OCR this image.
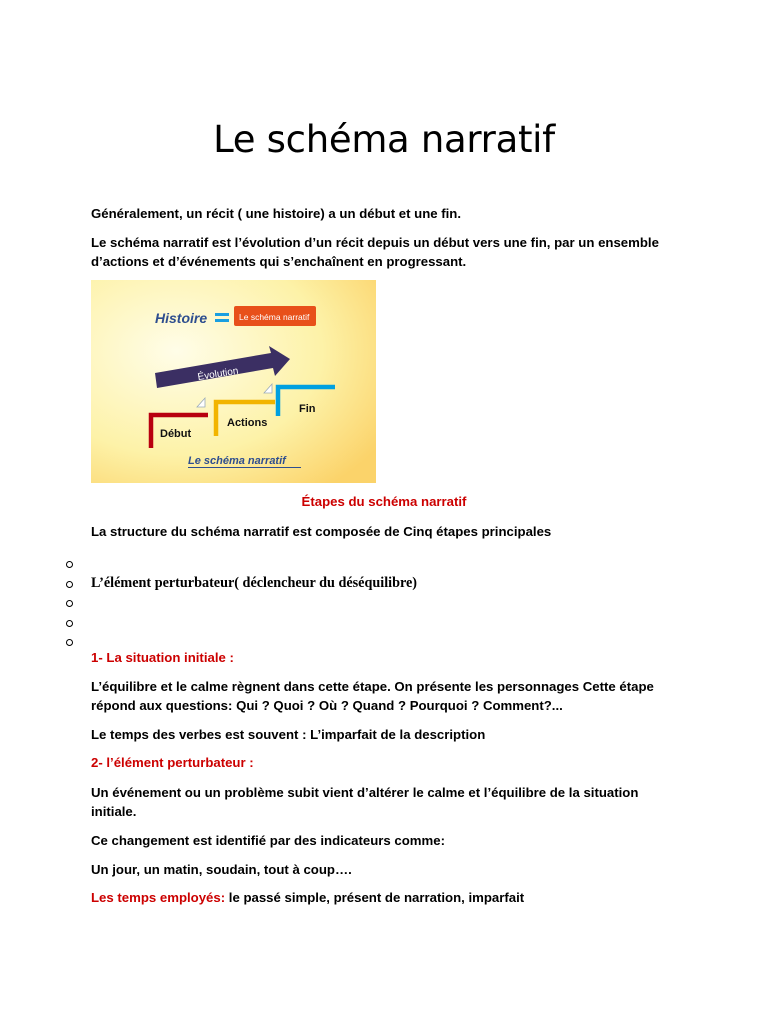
Le schéma narratif

Généralement, un récit ( une histoire) a un début et une fin.

Le schéma narratif est l’évolution d’un récit depuis un début vers une fin, par un ensemble

d’actions et d’événements qui s’enchaînent en progressant.

Histoire	Le schéma narratif
Évolution
Début
Actions
Fin
Le schéma narratif

Étapes du schéma narratif

La structure du schéma narratif est composée de Cinq étapes principales

L’élément perturbateur( déclencheur du déséquilibre)

1- La situation initiale :

L’équilibre et le calme règnent dans cette étape. On présente les personnages Cette étape

répond aux questions: Qui ? Quoi ? Où ? Quand ? Pourquoi ? Comment?...

Le temps des verbes est souvent : L’imparfait de la description

2- l’élément perturbateur :

Un événement ou un problème subit vient d’altérer le calme et l’équilibre de la situation

initiale.

Ce changement est identifié par des indicateurs comme:

Un jour, un matin, soudain, tout à coup….

Les temps employés: le passé simple, présent de narration, imparfait
